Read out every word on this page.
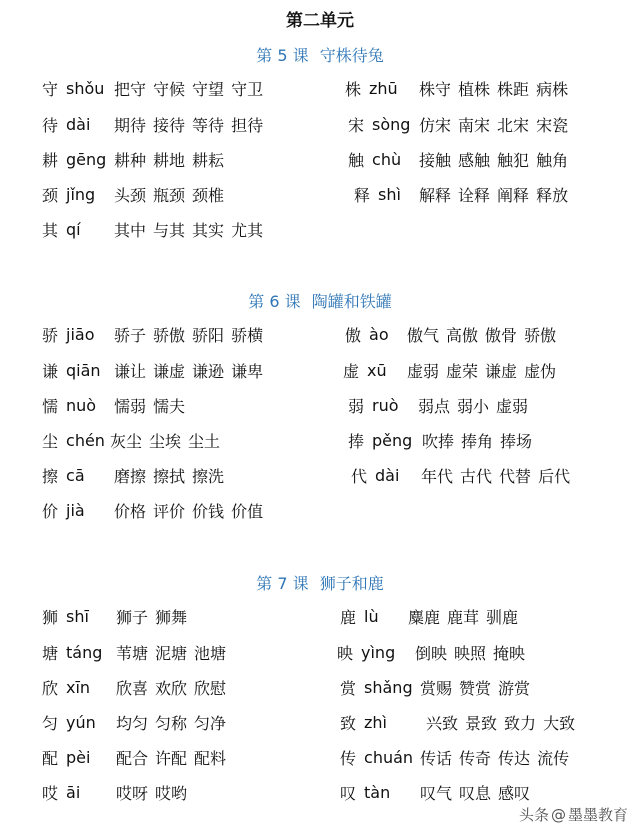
第二单元
第 5 课 守株待兔
守 shǒu 把守 守候 守望 守卫	株 zhū	株守 植株 株距 病株
待 dài	期待 接待 等待 担待	宋 sòng 仿宋 南宋 北宋 宋瓷
耕 gēng 耕种 耕地 耕耘	触 chù	接触 感触 触犯 触角
颈 jǐng	头颈 瓶颈 颈椎	释 shì	解释 诠释 阐释 释放
其 qí	其中 与其 其实 尤其
第 6 课 陶罐和铁罐
骄 jiāo	骄子 骄傲 骄阳 骄横	傲 ào	傲气 高傲 傲骨 骄傲
谦 qiān 谦让 谦虚 谦逊 谦卑	虚 xū	虚弱 虚荣 谦虚 虚伪
懦 nuò	懦弱 懦夫	弱 ruò	弱点 弱小 虚弱
尘 chén 灰尘 尘埃 尘土	捧 pěng 吹捧 捧角 捧场
擦 cā	磨擦 擦拭 擦洗	代 dài	年代 古代 代替 后代
价 jià	价格 评价 价钱 价值
第 7 课 狮子和鹿
狮 shī	狮子 狮舞	鹿 lù	麋鹿 鹿茸 驯鹿
塘 táng 苇塘 泥塘 池塘	映 yìng	倒映 映照 掩映
欣 xīn	欣喜 欢欣 欣慰	赏 shǎng 赏赐 赞赏 游赏
匀 yún	均匀 匀称 匀净	致 zhì	兴致 景致 致力 大致
配 pèi	配合 许配 配料	传 chuán 传话 传奇 传达 流传
哎 āi	哎呀 哎哟	叹 tàn	叹气 叹息 感叹
头条 @ 墨墨教育
